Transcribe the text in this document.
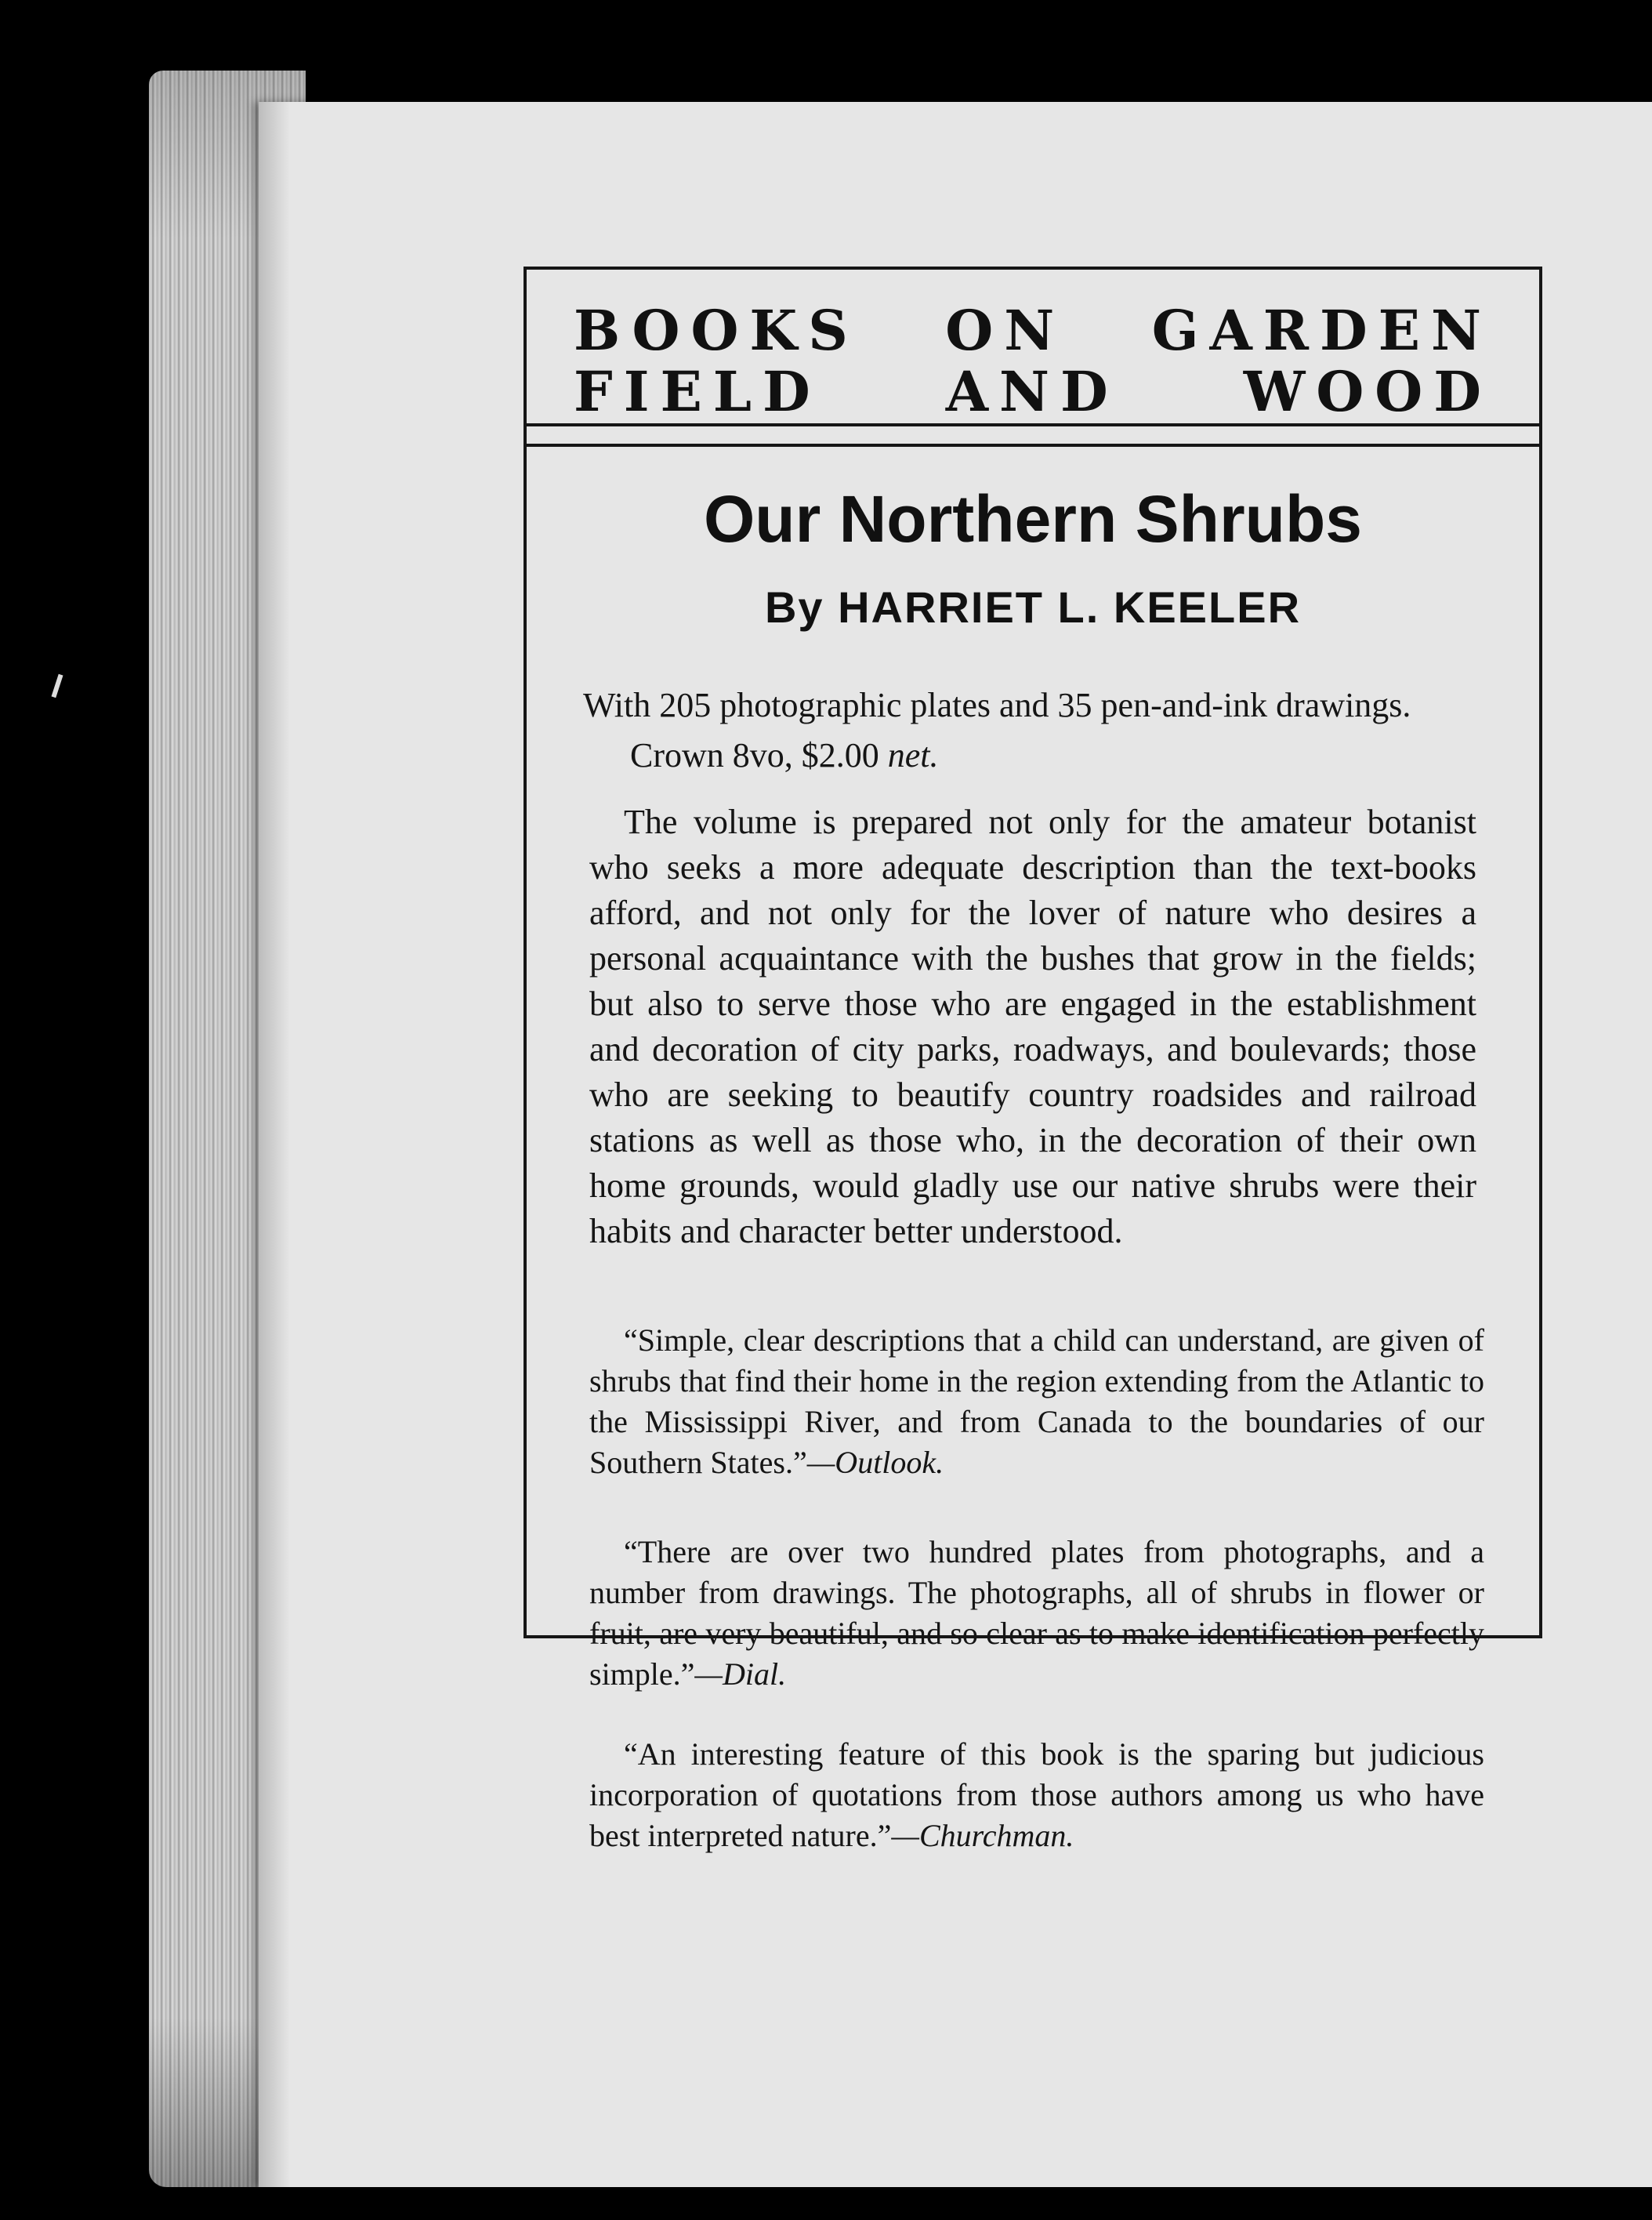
BOOKS ON GARDEN
FIELD AND WOOD
Our Northern Shrubs
By HARRIET L. KEELER
With 205 photographic plates and 35 pen-and-ink drawings. Crown 8vo, $2.00 net.
The volume is prepared not only for the amateur botanist who seeks a more adequate description than the text-books afford, and not only for the lover of nature who desires a personal acquaintance with the bushes that grow in the fields; but also to serve those who are engaged in the establishment and decoration of city parks, roadways, and boulevards; those who are seeking to beautify country roadsides and railroad stations as well as those who, in the decoration of their own home grounds, would gladly use our native shrubs were their habits and character better understood.
“Simple, clear descriptions that a child can understand, are given of shrubs that find their home in the region extending from the Atlantic to the Mississippi River, and from Canada to the boundaries of our Southern States.”—Outlook.
“There are over two hundred plates from photographs, and a number from drawings. The photographs, all of shrubs in flower or fruit, are very beautiful, and so clear as to make identification perfectly simple.”—Dial.
“An interesting feature of this book is the sparing but judicious incorporation of quotations from those authors among us who have best interpreted nature.”—Churchman.
